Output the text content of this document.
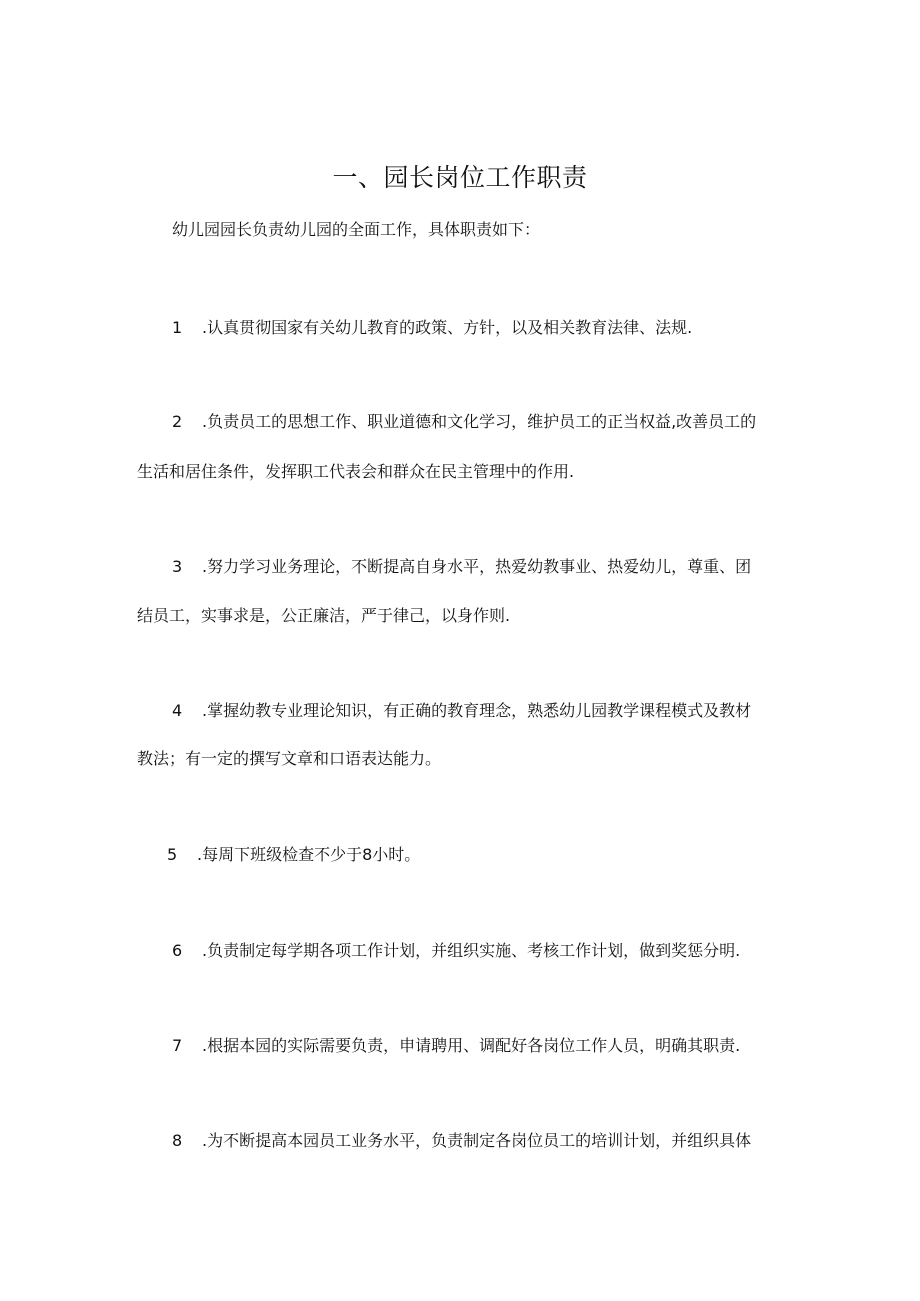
一、园长岗位工作职责
幼儿园园长负责幼儿园的全面工作，具体职责如下：
1 .认真贯彻国家有关幼儿教育的政策、方针，以及相关教育法律、法规.
2 .负责员工的思想工作、职业道德和文化学习，维护员工的正当权益,改善员工的
生活和居住条件，发挥职工代表会和群众在民主管理中的作用.
3 .努力学习业务理论，不断提高自身水平，热爱幼教事业、热爱幼儿，尊重、团
结员工，实事求是，公正廉洁，严于律己，以身作则.
4 .掌握幼教专业理论知识，有正确的教育理念，熟悉幼儿园教学课程模式及教材
教法；有一定的撰写文章和口语表达能力。
5 .每周下班级检查不少于8小时。
6 .负责制定每学期各项工作计划，并组织实施、考核工作计划，做到奖惩分明.
7 .根据本园的实际需要负责，申请聘用、调配好各岗位工作人员，明确其职责.
8 .为不断提高本园员工业务水平，负责制定各岗位员工的培训计划，并组织具体
